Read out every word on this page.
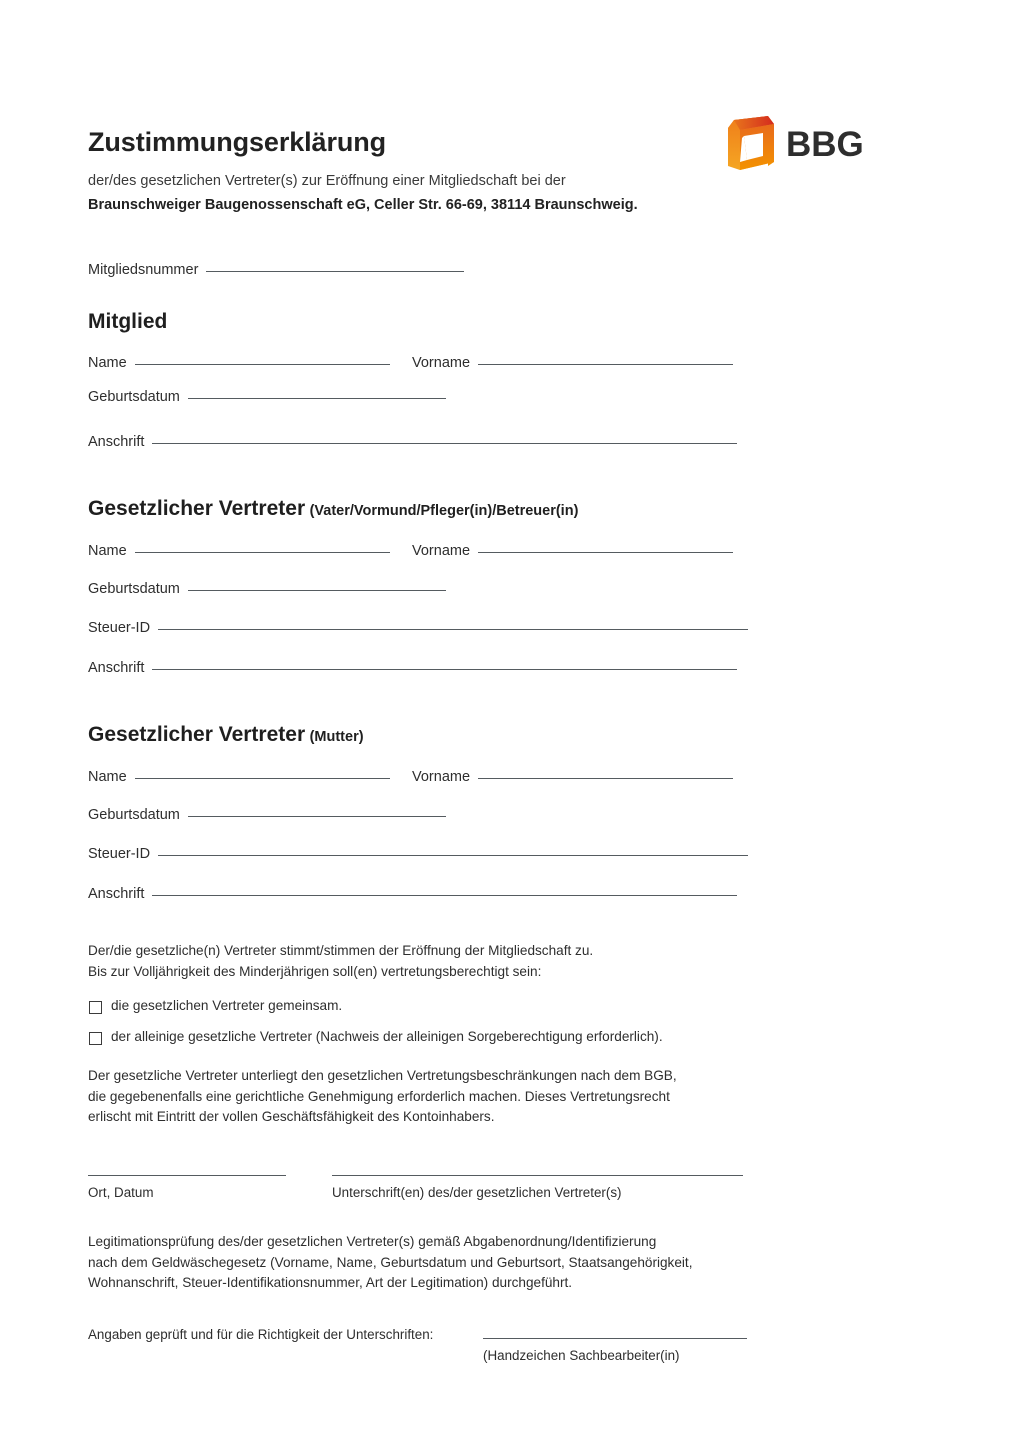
BBG
Zustimmungserklärung
der/des gesetzlichen Vertreter(s) zur Eröffnung einer Mitgliedschaft bei der
Braunschweiger Baugenossenschaft eG, Celler Str. 66-69, 38114 Braunschweig.
Mitgliedsnummer
Mitglied
Name	Vorname
Geburtsdatum
Anschrift
Gesetzlicher Vertreter (Vater/Vormund/Pfleger(in)/Betreuer(in)
Name	Vorname
Geburtsdatum
Steuer-ID
Anschrift
Gesetzlicher Vertreter (Mutter)
Name	Vorname
Geburtsdatum
Steuer-ID
Anschrift
Der/die gesetzliche(n) Vertreter stimmt/stimmen der Eröffnung der Mitgliedschaft zu.
Bis zur Volljährigkeit des Minderjährigen soll(en) vertretungsberechtigt sein:
die gesetzlichen Vertreter gemeinsam.
der alleinige gesetzliche Vertreter (Nachweis der alleinigen Sorgeberechtigung erforderlich).
Der gesetzliche Vertreter unterliegt den gesetzlichen Vertretungsbeschränkungen nach dem BGB,
die gegebenenfalls eine gerichtliche Genehmigung erforderlich machen. Dieses Vertretungsrecht
erlischt mit Eintritt der vollen Geschäftsfähigkeit des Kontoinhabers.
Ort, Datum	Unterschrift(en) des/der gesetzlichen Vertreter(s)
Legitimationsprüfung des/der gesetzlichen Vertreter(s) gemäß Abgabenordnung/Identifizierung
nach dem Geldwäschegesetz (Vorname, Name, Geburtsdatum und Geburtsort, Staatsangehörigkeit,
Wohnanschrift, Steuer-Identifikationsnummer, Art der Legitimation) durchgeführt.
Angaben geprüft und für die Richtigkeit der Unterschriften:
(Handzeichen Sachbearbeiter(in)
